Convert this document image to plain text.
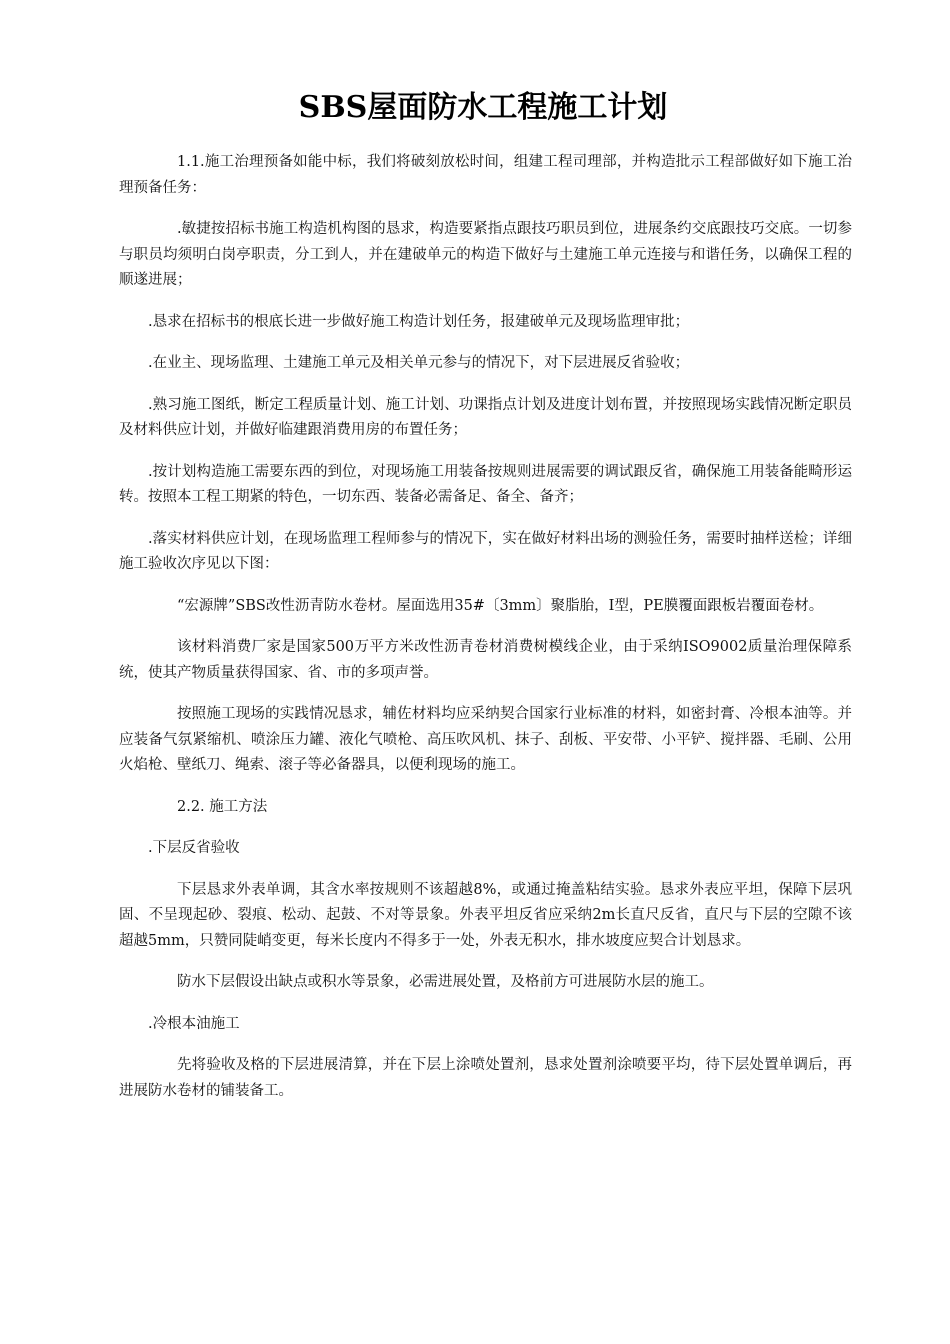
SBS屋面防水工程施工计划

1.1.施工治理预备如能中标，我们将破刻放松时间，组建工程司理部，并构造批示工程部做好如下施工治理预备任务：

.敏捷按招标书施工构造机构图的恳求，构造要紧指点跟技巧职员到位，进展条约交底跟技巧交底。一切参与职员均须明白岗亭职责，分工到人，并在建破单元的构造下做好与土建施工单元连接与和谐任务，以确保工程的顺遂进展；

.恳求在招标书的根底长进一步做好施工构造计划任务，报建破单元及现场监理审批；

.在业主、现场监理、土建施工单元及相关单元参与的情况下，对下层进展反省验收；

.熟习施工图纸，断定工程质量计划、施工计划、功课指点计划及进度计划布置，并按照现场实践情况断定职员及材料供应计划，并做好临建跟消费用房的布置任务；

.按计划构造施工需要东西的到位，对现场施工用装备按规则进展需要的调试跟反省，确保施工用装备能畸形运转。按照本工程工期紧的特色，一切东西、装备必需备足、备全、备齐；

.落实材料供应计划，在现场监理工程师参与的情况下，实在做好材料出场的测验任务，需要时抽样送检；详细施工验收次序见以下图：

“宏源牌”SBS改性沥青防水卷材。屋面选用35#〔3mm〕聚脂胎，I型，PE膜覆面跟板岩覆面卷材。

该材料消费厂家是国家500万平方米改性沥青卷材消费树模线企业，由于采纳ISO9002质量治理保障系统，使其产物质量获得国家、省、市的多项声誉。

按照施工现场的实践情况恳求，辅佐材料均应采纳契合国家行业标准的材料，如密封膏、冷根本油等。并应装备气氛紧缩机、喷涂压力罐、液化气喷枪、高压吹风机、抹子、刮板、平安带、小平铲、搅拌器、毛刷、公用火焰枪、壁纸刀、绳索、滚子等必备器具，以便利现场的施工。

2.2. 施工方法

.下层反省验收

下层恳求外表单调，其含水率按规则不该超越8%，或通过掩盖粘结实验。恳求外表应平坦，保障下层巩固、不呈现起砂、裂痕、松动、起鼓、不对等景象。外表平坦反省应采纳2m长直尺反省，直尺与下层的空隙不该超越5mm，只赞同陡峭变更，每米长度内不得多于一处，外表无积水，排水坡度应契合计划恳求。

防水下层假设出缺点或积水等景象，必需进展处置，及格前方可进展防水层的施工。

.冷根本油施工

先将验收及格的下层进展清算，并在下层上涂喷处置剂，恳求处置剂涂喷要平均，待下层处置单调后，再进展防水卷材的铺装备工。
